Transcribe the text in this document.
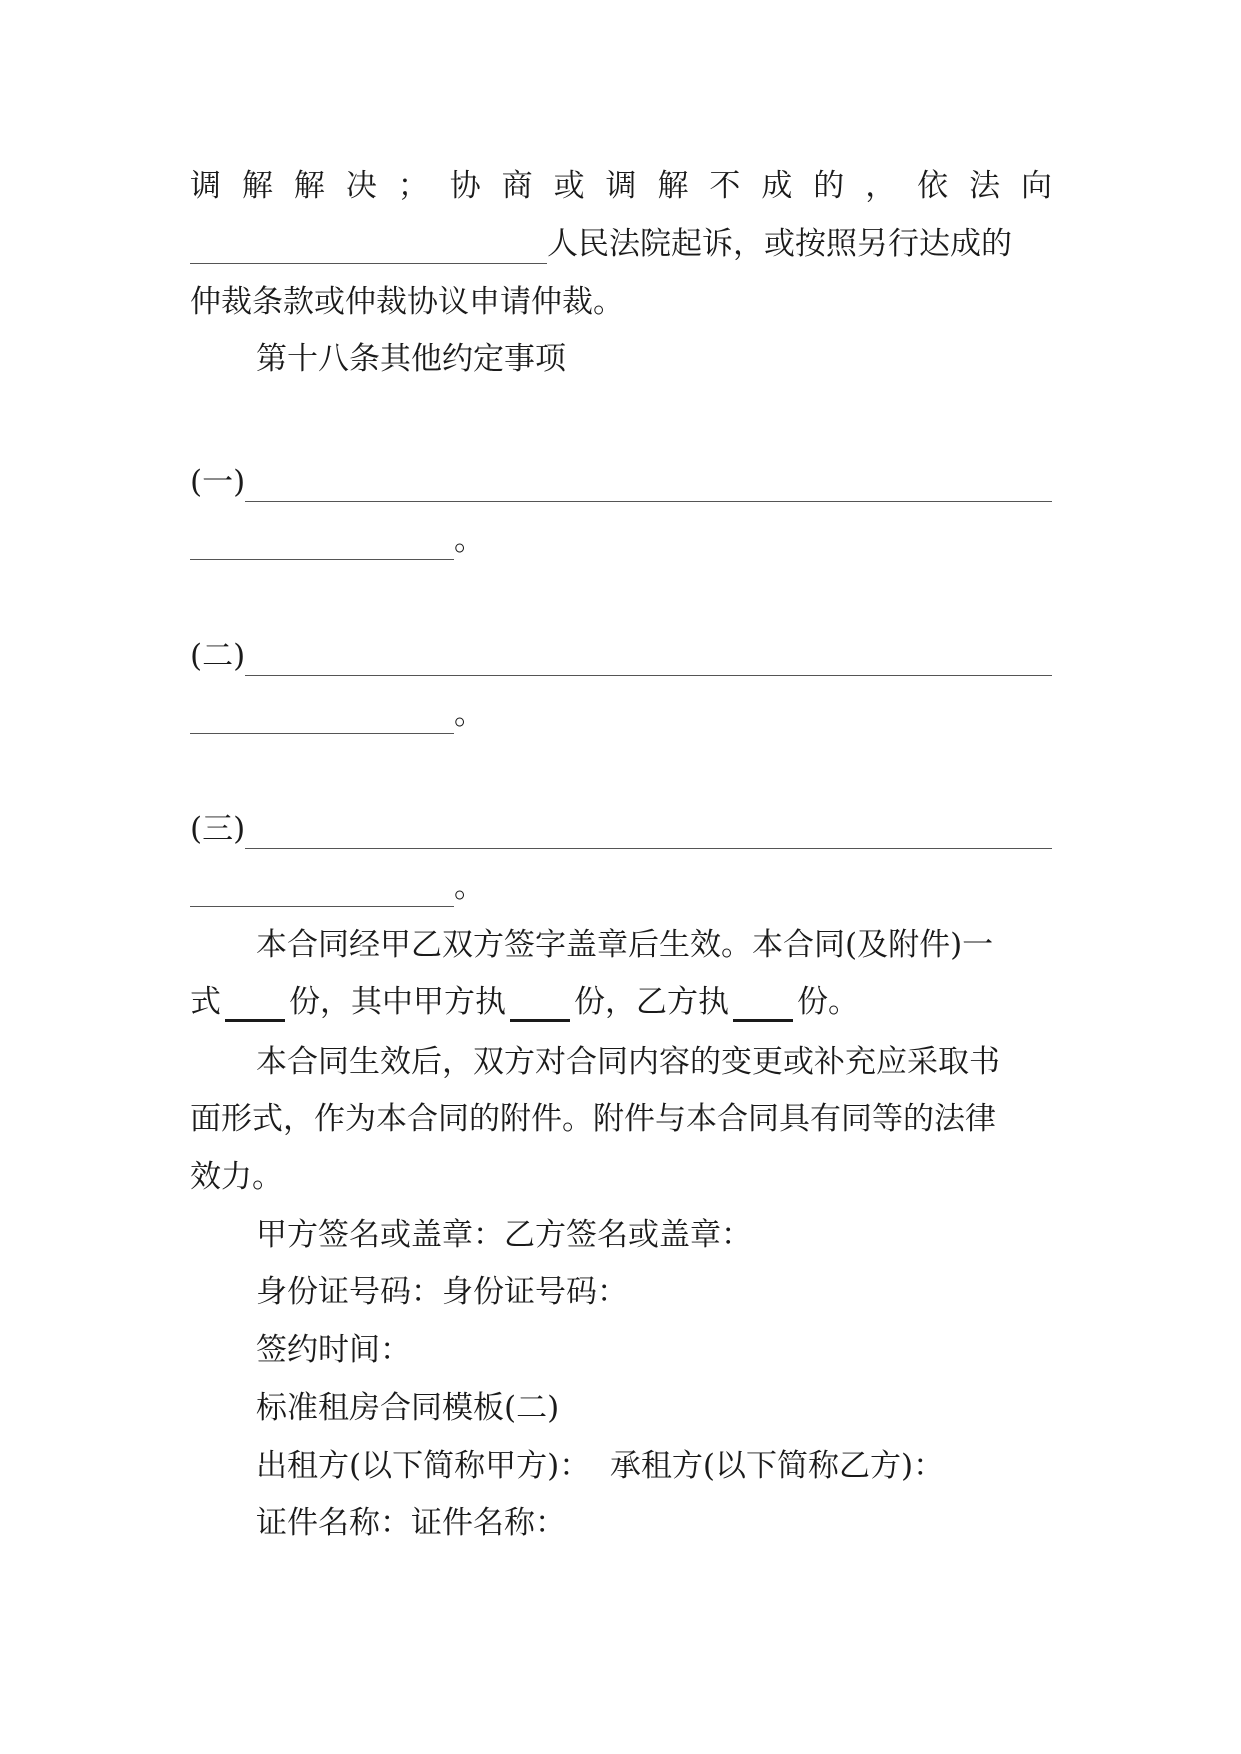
调 解 解 决 ； 协 商 或 调 解 不 成 的 ， 依 法 向
人民法院起诉，或按照另行达成的
仲裁条款或仲裁协议申请仲裁。
第十八条其他约定事项
(一)
。
(二)
。
(三)
。
本合同经甲乙双方签字盖章后生效。本合同(及附件)一
式 份，其中甲方执 份，乙方执 份。
本合同生效后，双方对合同内容的变更或补充应采取书
面形式，作为本合同的附件。附件与本合同具有同等的法律
效力。
甲方签名或盖章：乙方签名或盖章：
身份证号码：身份证号码：
签约时间：
标准租房合同模板(二)
出租方(以下简称甲方)：  承租方(以下简称乙方)：
证件名称：证件名称：
